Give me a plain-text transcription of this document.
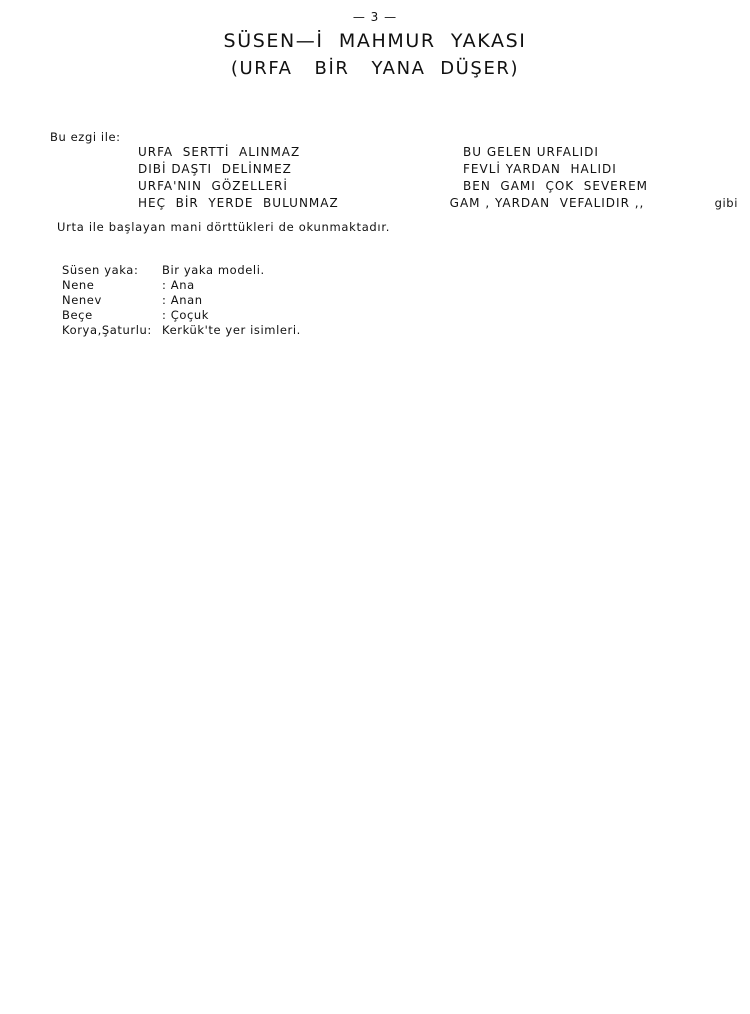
— 3 —
SÜSEN—İ  MAHMUR  YAKASI
(URFA   BİR   YANA  DÜŞER)
Bu ezgi ile:
URFA  SERTTİ  ALINMAZ	BU GELEN URFALIDI
DIBİ DAŞTI  DELİNMEZ	FEVLİ YARDAN  HALIDI
URFA'NIN  GÖZELLERİ	BEN  GAMI  ÇOK  SEVEREM
HEÇ  BİR  YERDE  BULUNMAZ	GAM , YARDAN  VEFALIDIR ,,	gibi
Urta ile başlayan mani dörttükleri de okunmaktadır.
Süsen yaka:	Bir yaka modeli.
Nene	: Ana
Nenev	: Anan
Beçe	: Çoçuk
Korya,Şaturlu: Kerkük'te yer isimleri.
